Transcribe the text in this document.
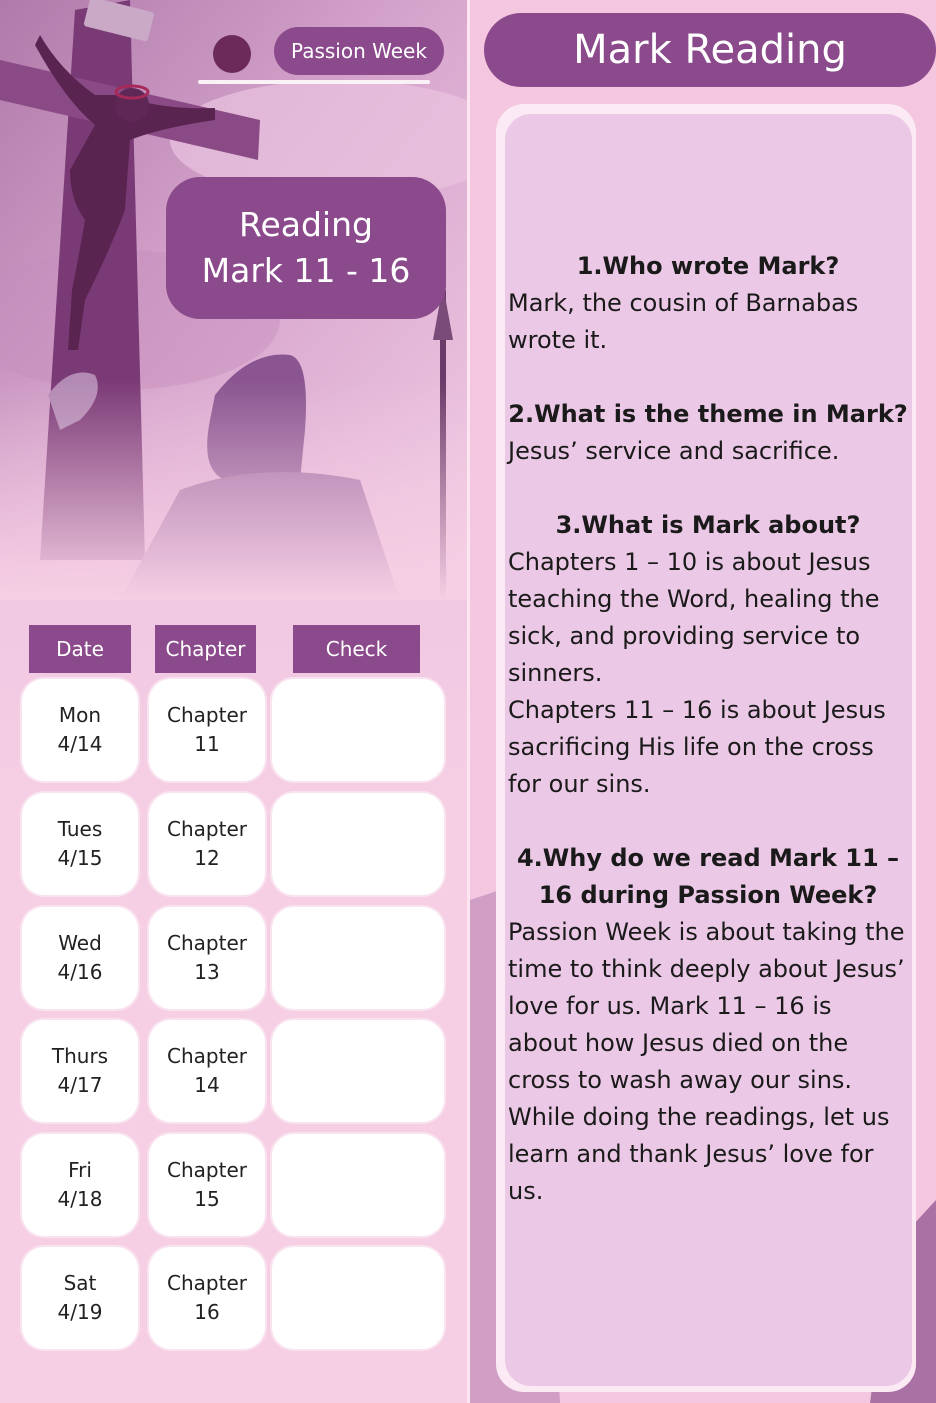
Passion Week
Reading
Mark 11 - 16
Date	Chapter	Check
Mon
4/14
Chapter
11
Tues
4/15
Chapter
12
Wed
4/16
Chapter
13
Thurs
4/17
Chapter
14
Fri
4/18
Chapter
15
Sat
4/19
Chapter
16
Mark Reading
1.Who wrote Mark?
Mark, the cousin of Barnabas wrote it.
2.What is the theme in Mark?
Jesus’ service and sacrifice.
3.What is Mark about?
Chapters 1 – 10 is about Jesus teaching the Word, healing the sick, and providing service to sinners.
Chapters 11 – 16 is about Jesus sacrificing His life on the cross for our sins.
4.Why do we read Mark 11 – 16 during Passion Week?
Passion Week is about taking the time to think deeply about Jesus’ love for us. Mark 11 – 16 is about how Jesus died on the cross to wash away our sins. While doing the readings, let us learn and thank Jesus’ love for us.
